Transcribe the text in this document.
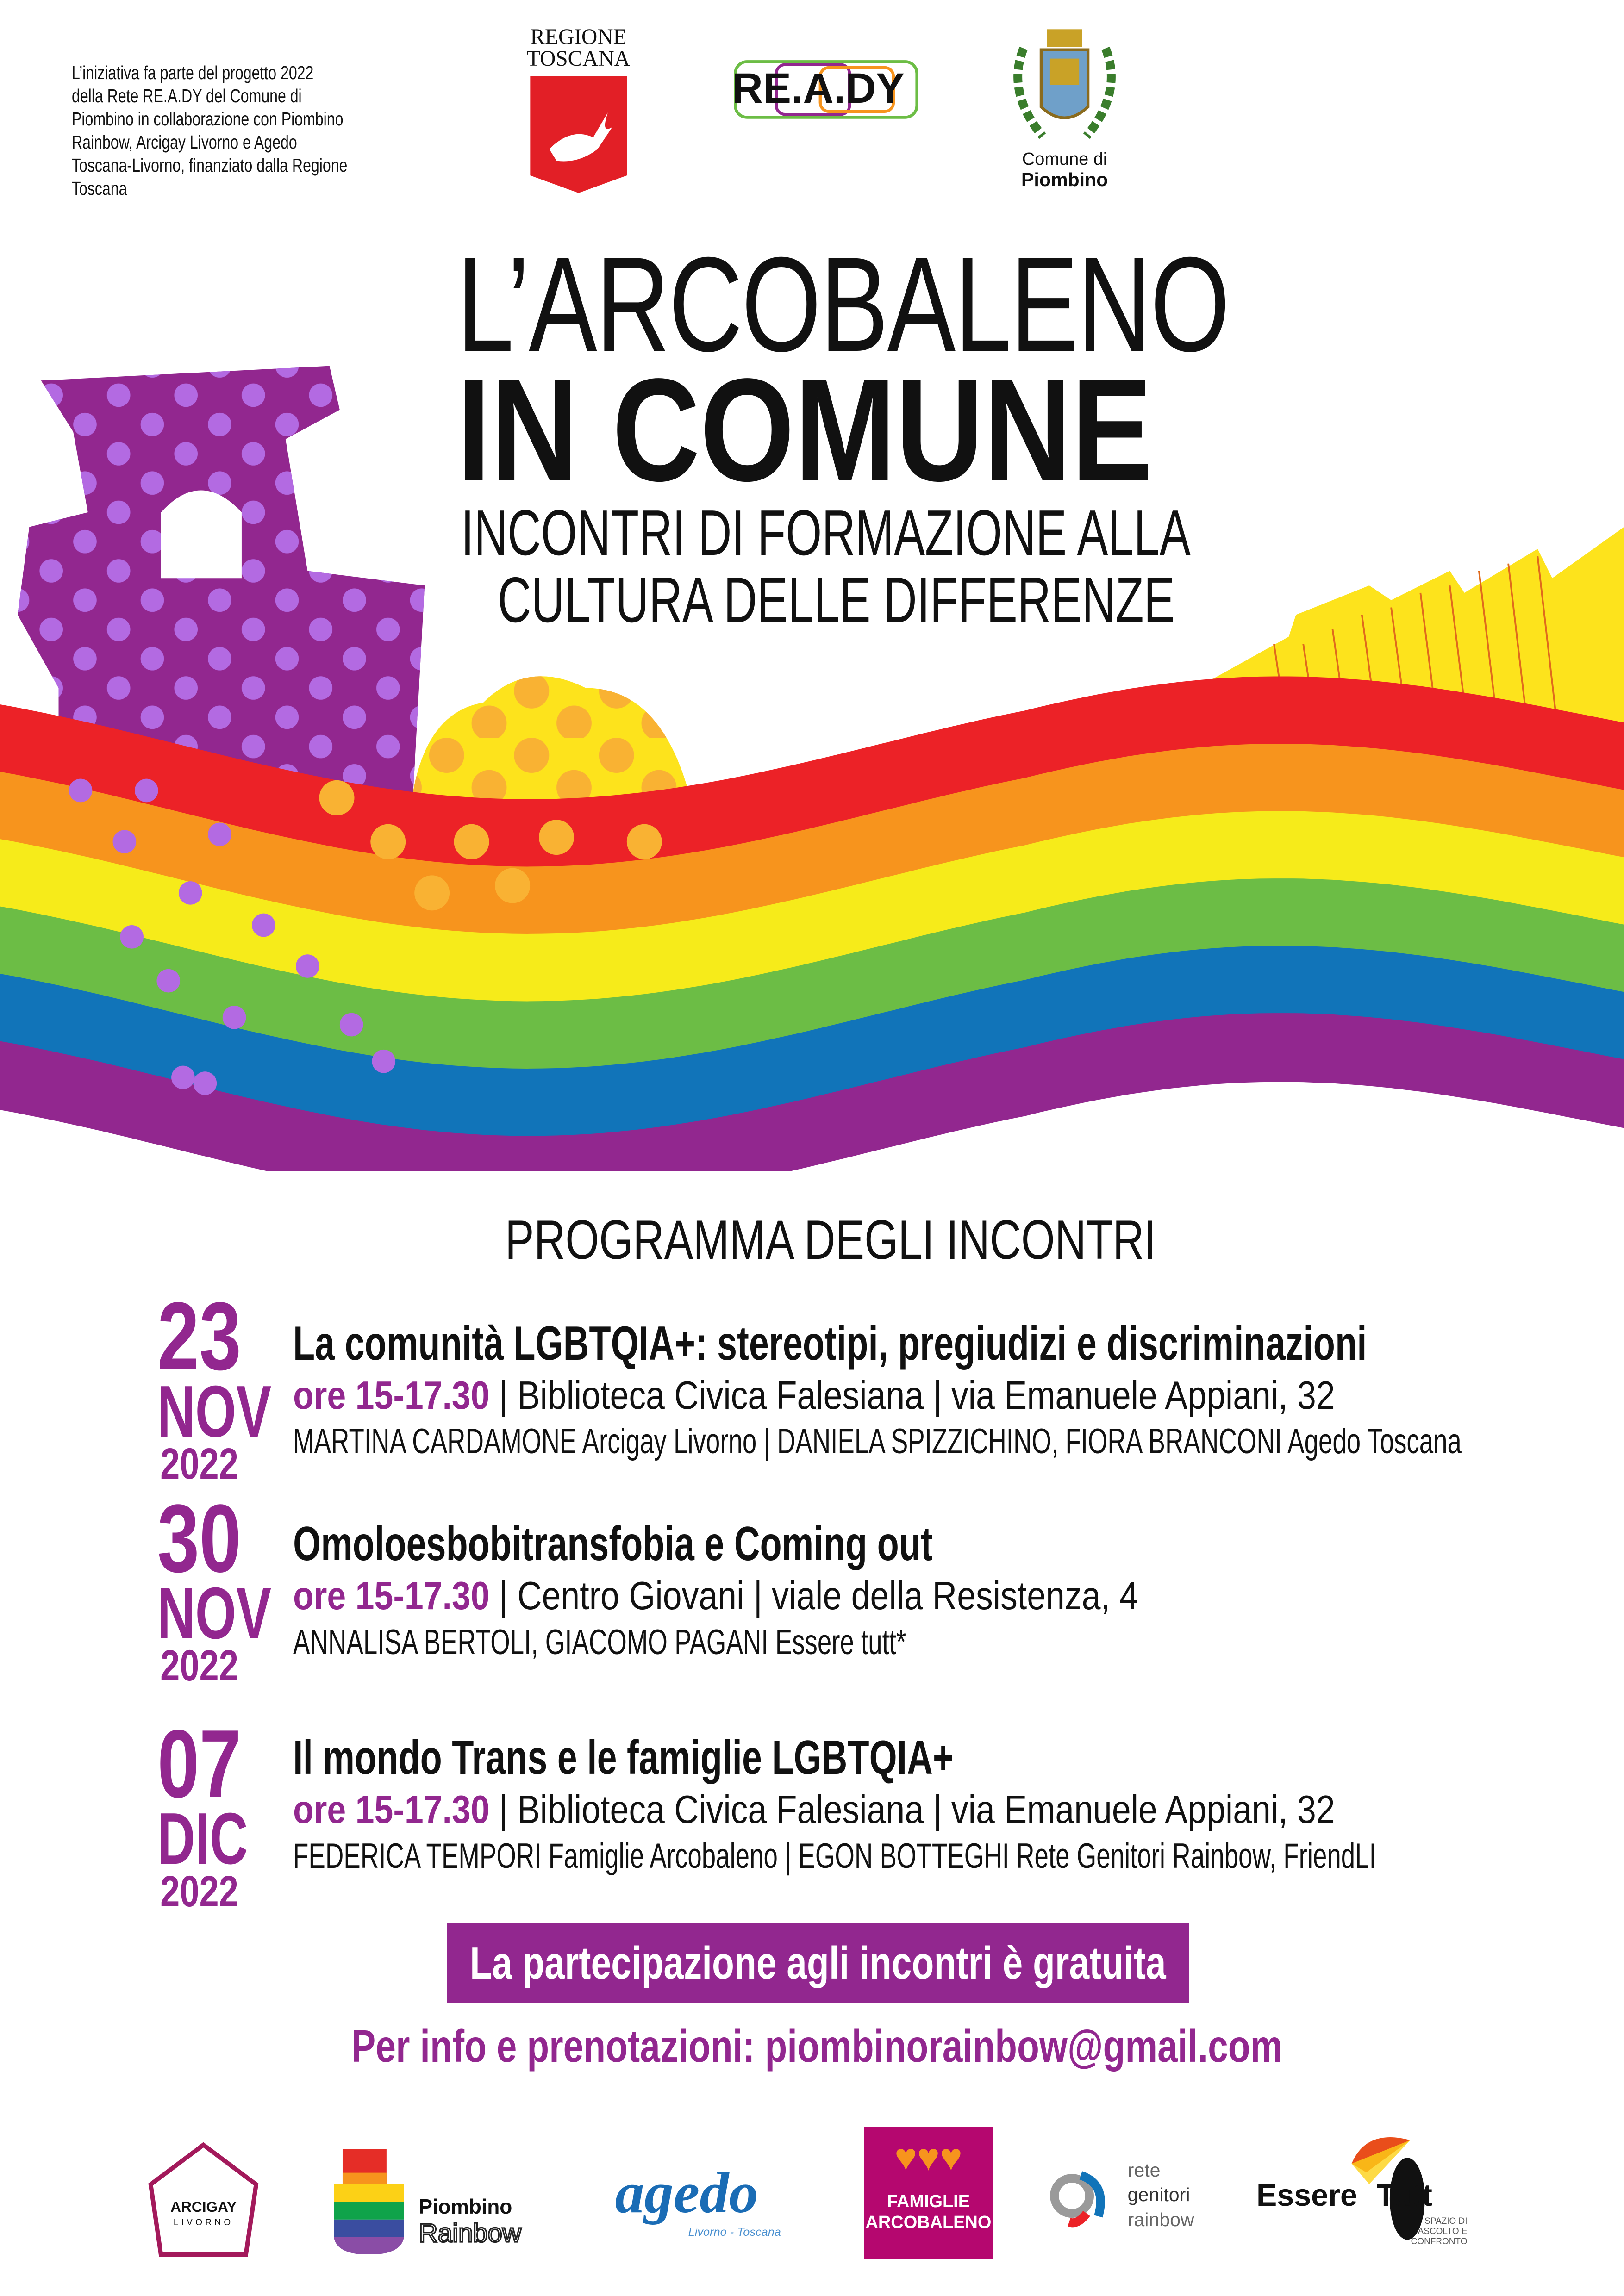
L’iniziativa fa parte del progetto 2022
della Rete RE.A.DY del Comune di
Piombino in collaborazione con Piombino
Rainbow, Arcigay Livorno e Agedo
Toscana-Livorno, finanziato dalla Regione
Toscana
REGIONE
TOSCANA
RE.A.DY
Comune di
Piombino
L’ARCOBALENO
IN COMUNE
INCONTRI DI FORMAZIONE ALLA
CULTURA DELLE DIFFERENZE
PROGRAMMA DEGLI INCONTRI
23
NOV
2022
La comunità LGBTQIA+: stereotipi, pregiudizi e discriminazioni
ore 15-17.30 | Biblioteca Civica Falesiana | via Emanuele Appiani, 32
MARTINA CARDAMONE Arcigay Livorno | DANIELA SPIZZICHINO, FIORA BRANCONI Agedo Toscana
30
NOV
2022
Omoloesbobitransfobia e Coming out
ore 15-17.30 | Centro Giovani | viale della Resistenza, 4
ANNALISA BERTOLI, GIACOMO PAGANI Essere tutt*
07
DIC
2022
Il mondo Trans e le famiglie LGBTQIA+
ore 15-17.30 | Biblioteca Civica Falesiana | via Emanuele Appiani, 32
FEDERICA TEMPORI Famiglie Arcobaleno | EGON BOTTEGHI Rete Genitori Rainbow, FriendLI
La partecipazione agli incontri è gratuita
Per info e prenotazioni: piombinorainbow@gmail.com
ARCIGAY
LIVORNO
Piombino
Rainbow
agedo
Livorno - Toscana
♥♥♥
FAMIGLIE
ARCOBALENO
rete
genitori
rainbow
Essere Tutt
SPAZIO DI
ASCOLTO E
CONFRONTO
